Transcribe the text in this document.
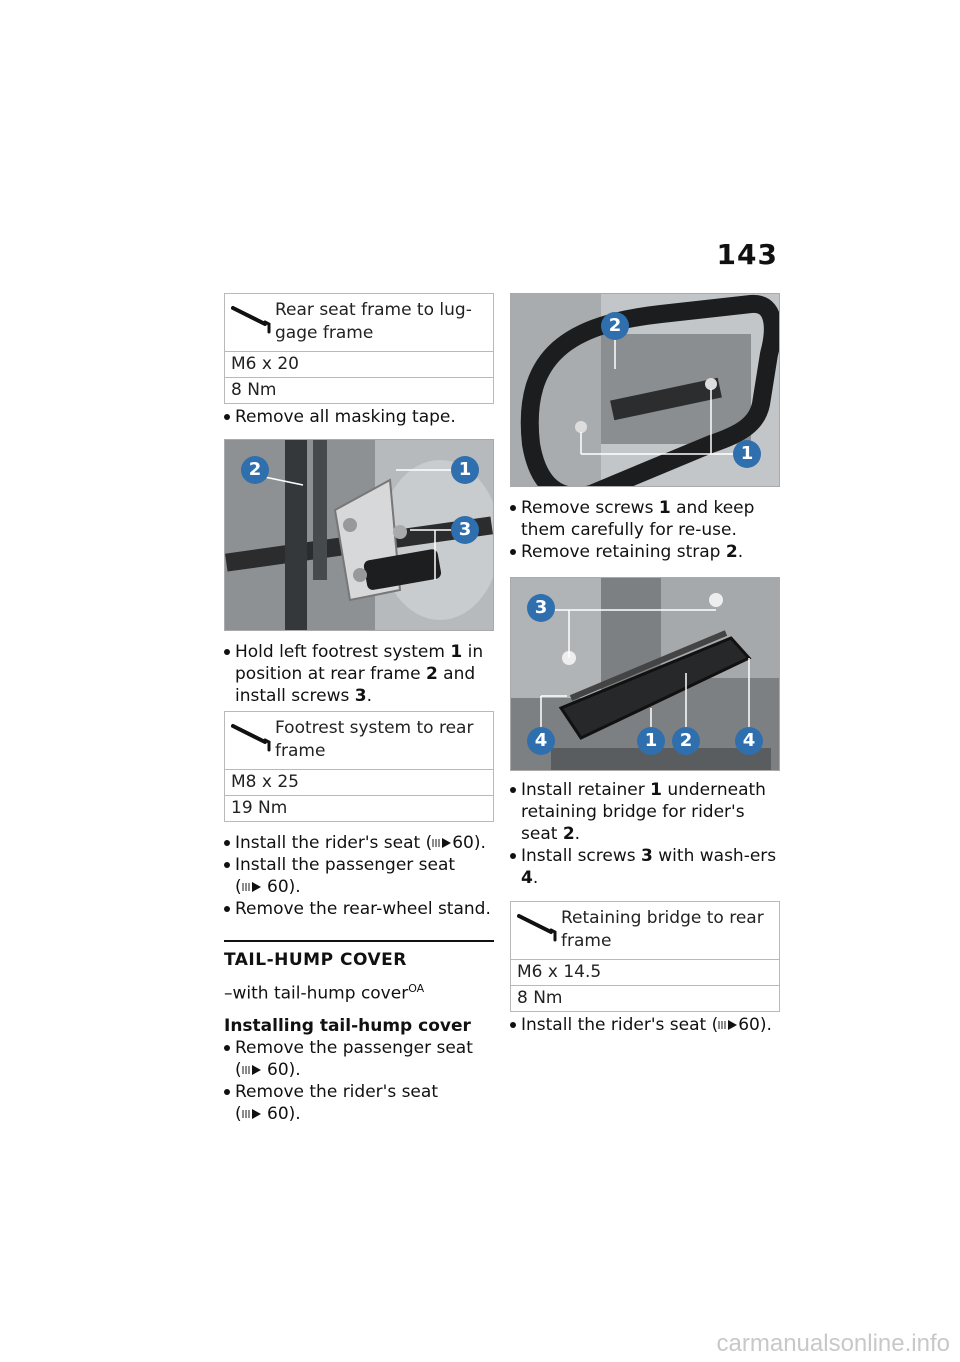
143
Rear seat frame to lug-
gage frame
M6 x 20
8 Nm
Remove all masking tape.
2	1
3
Hold left footrest system 1 in position at rear frame 2 and install screws 3.
Footrest system to rear
frame
M8 x 25
19 Nm
Install the rider's seat ( 60).
Install the passenger seat
( 60).
Remove the rear-wheel stand.
TAIL-HUMP COVER
–with tail-hump cover$^{OA}$
Installing tail-hump cover
Remove the passenger seat
( 60).
Remove the rider's seat
( 60).
2
1
Remove screws 1 and keep them carefully for re-use.
Remove retaining strap 2.
3
4	1 2	4
Install retainer 1 underneath retaining bridge for rider's seat 2.
Install screws 3 with wash-ers 4.
Retaining bridge to rear
frame
M6 x 14.5
8 Nm
Install the rider's seat ( 60).
carmanualsonline.info
